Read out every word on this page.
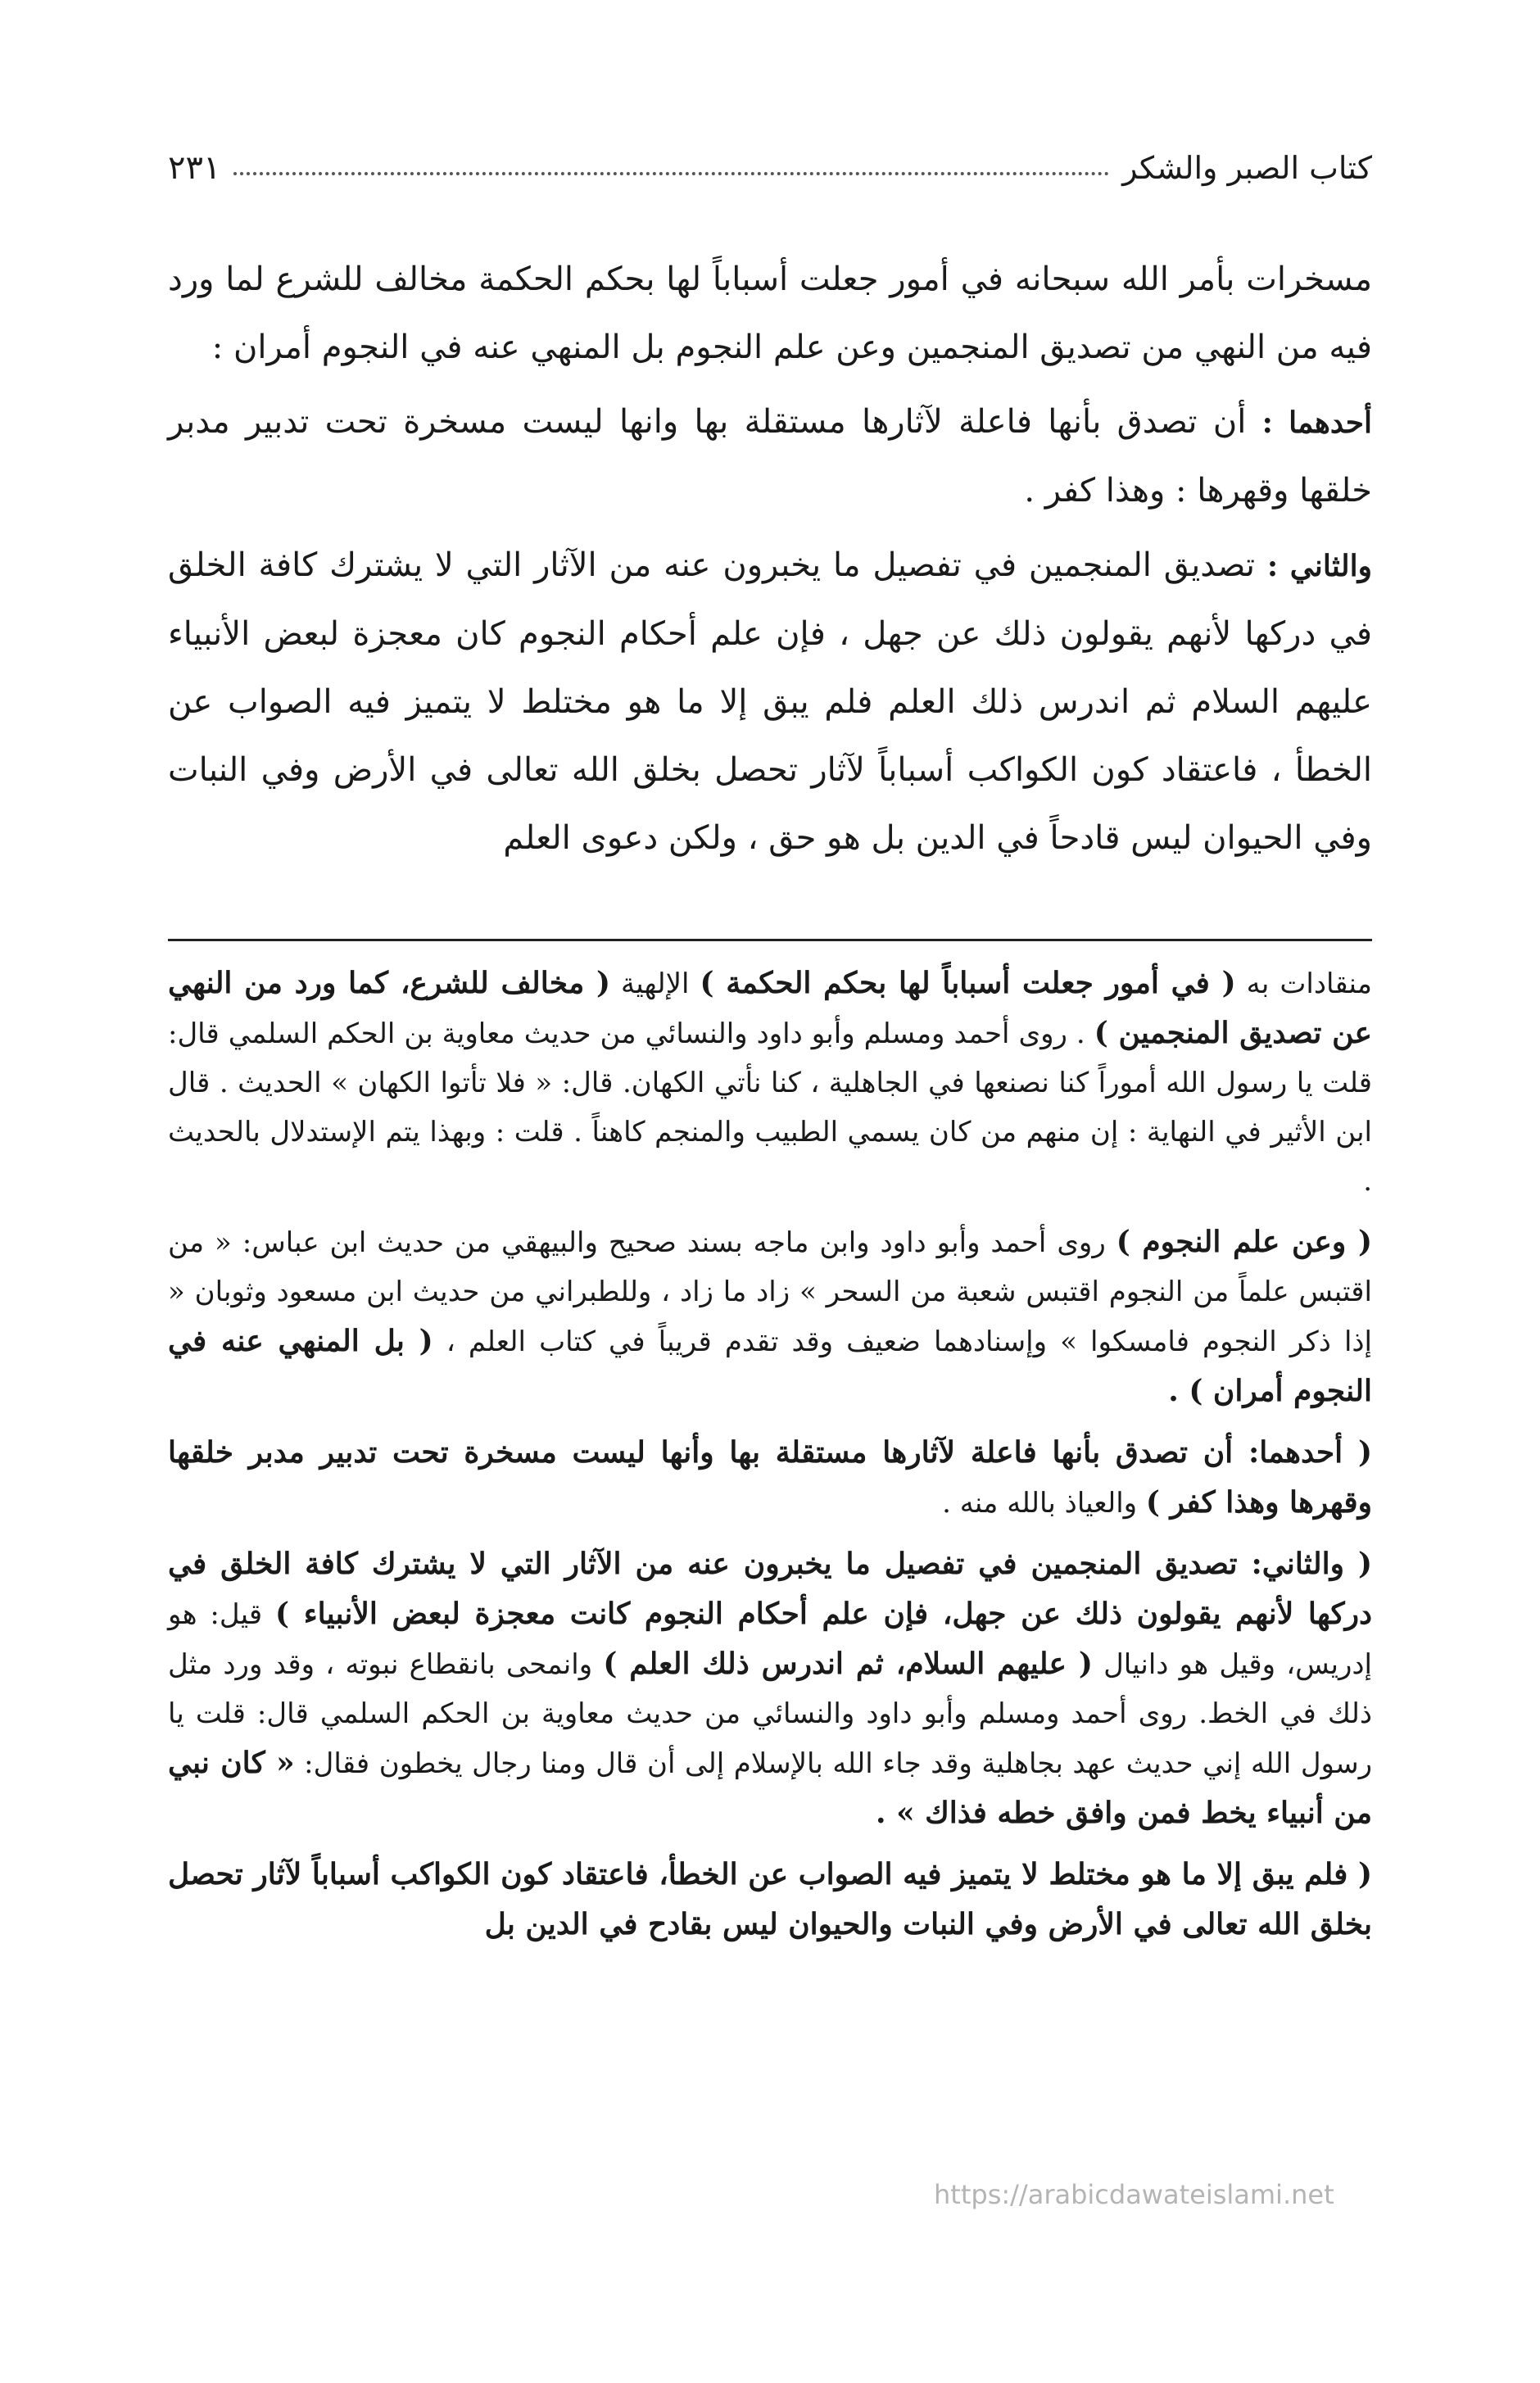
كتاب الصبر والشكر
٢٣١

مسخرات بأمر الله سبحانه في أمور جعلت أسباباً لها بحكم الحكمة مخالف للشرع لما ورد فيه من النهي من تصديق المنجمين وعن علم النجوم بل المنهي عنه في النجوم أمران :

أحدهما : أن تصدق بأنها فاعلة لآثارها مستقلة بها وانها ليست مسخرة تحت تدبير مدبر خلقها وقهرها : وهذا كفر .

والثاني : تصديق المنجمين في تفصيل ما يخبرون عنه من الآثار التي لا يشترك كافة الخلق في دركها لأنهم يقولون ذلك عن جهل ، فإن علم أحكام النجوم كان معجزة لبعض الأنبياء عليهم السلام ثم اندرس ذلك العلم فلم يبق إلا ما هو مختلط لا يتميز فيه الصواب عن الخطأ ، فاعتقاد كون الكواكب أسباباً لآثار تحصل بخلق الله تعالى في الأرض وفي النبات وفي الحيوان ليس قادحاً في الدين بل هو حق ، ولكن دعوى العلم

منقادات به ( في أمور جعلت أسباباً لها بحكم الحكمة ) الإلهية ( مخالف للشرع، كما ورد من النهي عن تصديق المنجمين ) . روى أحمد ومسلم وأبو داود والنسائي من حديث معاوية بن الحكم السلمي قال: قلت يا رسول الله أموراً كنا نصنعها في الجاهلية ، كنا نأتي الكهان. قال: « فلا تأتوا الكهان » الحديث . قال ابن الأثير في النهاية : إن منهم من كان يسمي الطبيب والمنجم كاهناً . قلت : وبهذا يتم الإستدلال بالحديث .

( وعن علم النجوم ) روى أحمد وأبو داود وابن ماجه بسند صحيح والبيهقي من حديث ابن عباس: « من اقتبس علماً من النجوم اقتبس شعبة من السحر » زاد ما زاد ، وللطبراني من حديث ابن مسعود وثوبان « إذا ذكر النجوم فامسكوا » وإسنادهما ضعيف وقد تقدم قريباً في كتاب العلم ، ( بل المنهي عنه في النجوم أمران ) .

( أحدهما: أن تصدق بأنها فاعلة لآثارها مستقلة بها وأنها ليست مسخرة تحت تدبير مدبر خلقها وقهرها وهذا كفر ) والعياذ بالله منه .

( والثاني: تصديق المنجمين في تفصيل ما يخبرون عنه من الآثار التي لا يشترك كافة الخلق في دركها لأنهم يقولون ذلك عن جهل، فإن علم أحكام النجوم كانت معجزة لبعض الأنبياء ) قيل: هو إدريس، وقيل هو دانيال ( عليهم السلام، ثم اندرس ذلك العلم ) وانمحى بانقطاع نبوته ، وقد ورد مثل ذلك في الخط. روى أحمد ومسلم وأبو داود والنسائي من حديث معاوية بن الحكم السلمي قال: قلت يا رسول الله إني حديث عهد بجاهلية وقد جاء الله بالإسلام إلى أن قال ومنا رجال يخطون فقال: « كان نبي من أنبياء يخط فمن وافق خطه فذاك » .

( فلم يبق إلا ما هو مختلط لا يتميز فيه الصواب عن الخطأ، فاعتقاد كون الكواكب أسباباً لآثار تحصل بخلق الله تعالى في الأرض وفي النبات والحيوان ليس بقادح في الدين بل

https://arabicdawateislami.net
